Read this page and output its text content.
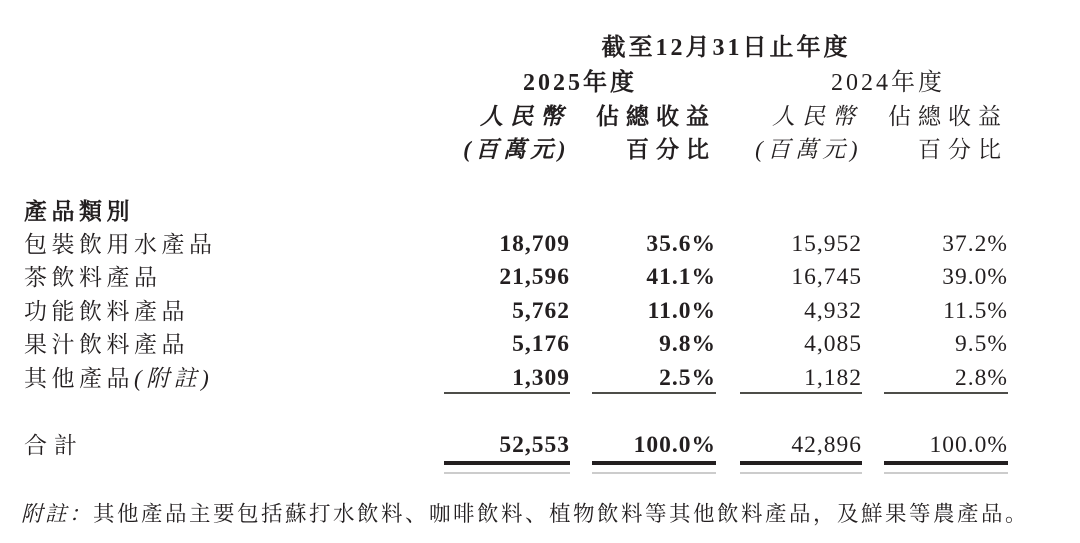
截至12月31日止年度
2025年度	2024年度
人民幣 佔總收益	人民幣 佔總收益
(百萬元)	百分比	(百萬元)	百分比
產品類別
包裝飲用水產品	18,709	35.6%	15,952	37.2%
茶飲料產品	21,596	41.1%	16,745	39.0%
功能飲料產品	5,762	11.0%	4,932	11.5%
果汁飲料產品	5,176	9.8%	4,085	9.5%
其他產品(附註)	1,309	2.5%	1,182	2.8%
合計	52,553	100.0%	42,896	100.0%
附註：其他產品主要包括蘇打水飲料、咖啡飲料、植物飲料等其他飲料產品，及鮮果等農產品。
